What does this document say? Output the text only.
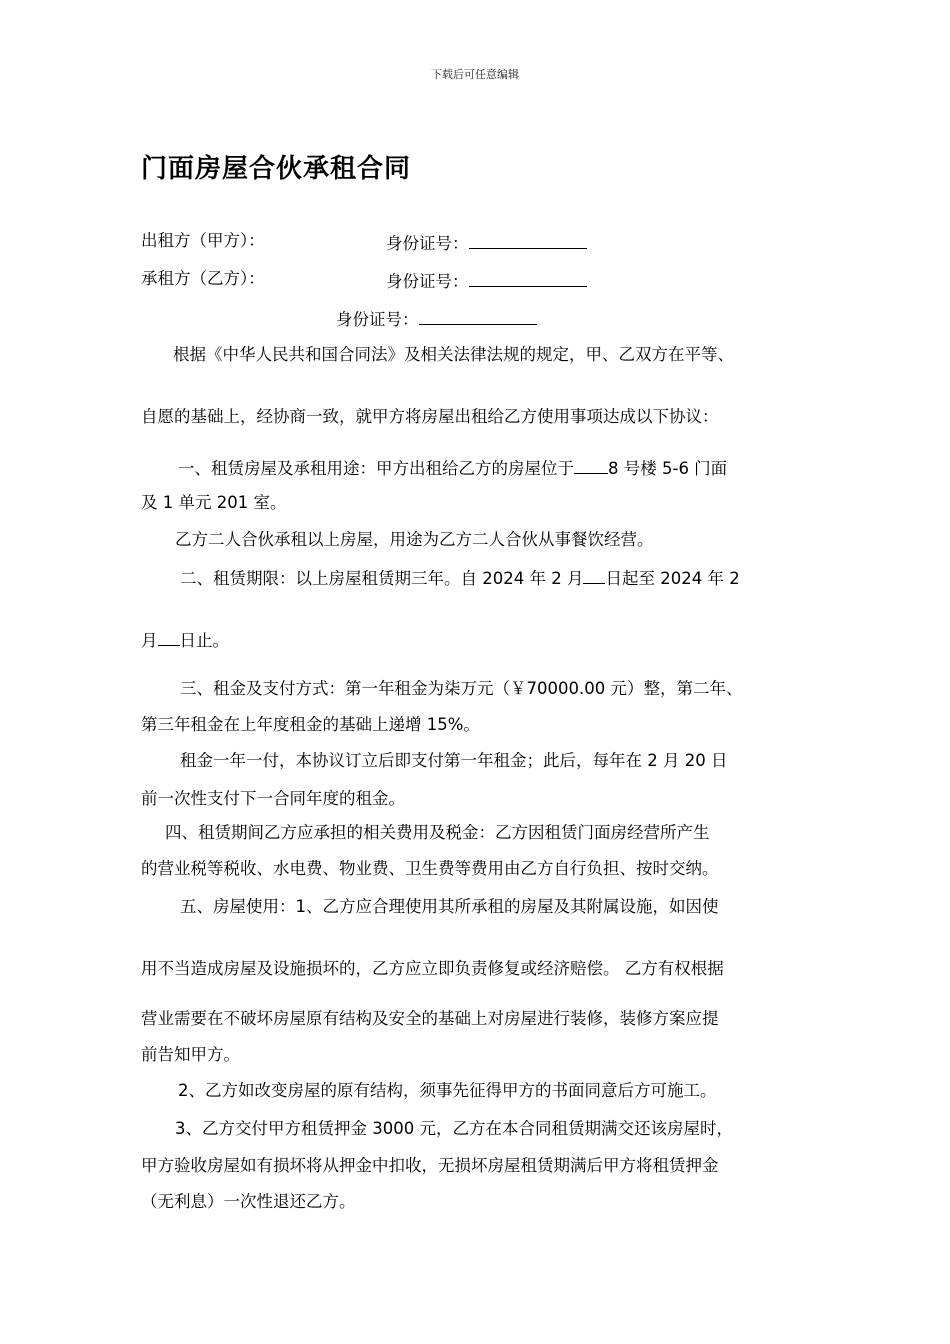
下载后可任意编辑
门面房屋合伙承租合同
出租方（甲方）：	身份证号：
承租方（乙方）：	身份证号：
身份证号：
根据《中华人民共和国合同法》及相关法律法规的规定，甲、乙双方在平等、
自愿的基础上，经协商一致，就甲方将房屋出租给乙方使用事项达成以下协议：
一、租赁房屋及承租用途：甲方出租给乙方的房屋位于 8 号楼 5-6 门面
及 1 单元 201 室。
乙方二人合伙承租以上房屋，用途为乙方二人合伙从事餐饮经营。
二、租赁期限：以上房屋租赁期三年。自 2024 年 2 月 日起至 2024 年 2
月 日止。
三、租金及支付方式：第一年租金为柒万元（￥70000.00 元）整，第二年、
第三年租金在上年度租金的基础上递增 15%。
租金一年一付，本协议订立后即支付第一年租金；此后，每年在 2 月 20 日
前一次性支付下一合同年度的租金。
四、租赁期间乙方应承担的相关费用及税金：乙方因租赁门面房经营所产生
的营业税等税收、水电费、物业费、卫生费等费用由乙方自行负担、按时交纳。
五、房屋使用：1、乙方应合理使用其所承租的房屋及其附属设施，如因使
用不当造成房屋及设施损坏的，乙方应立即负责修复或经济赔偿。 乙方有权根据
营业需要在不破坏房屋原有结构及安全的基础上对房屋进行装修，装修方案应提
前告知甲方。
2、乙方如改变房屋的原有结构，须事先征得甲方的书面同意后方可施工。
3、乙方交付甲方租赁押金 3000 元，乙方在本合同租赁期满交还该房屋时，
甲方验收房屋如有损坏将从押金中扣收，无损坏房屋租赁期满后甲方将租赁押金
（无利息）一次性退还乙方。
